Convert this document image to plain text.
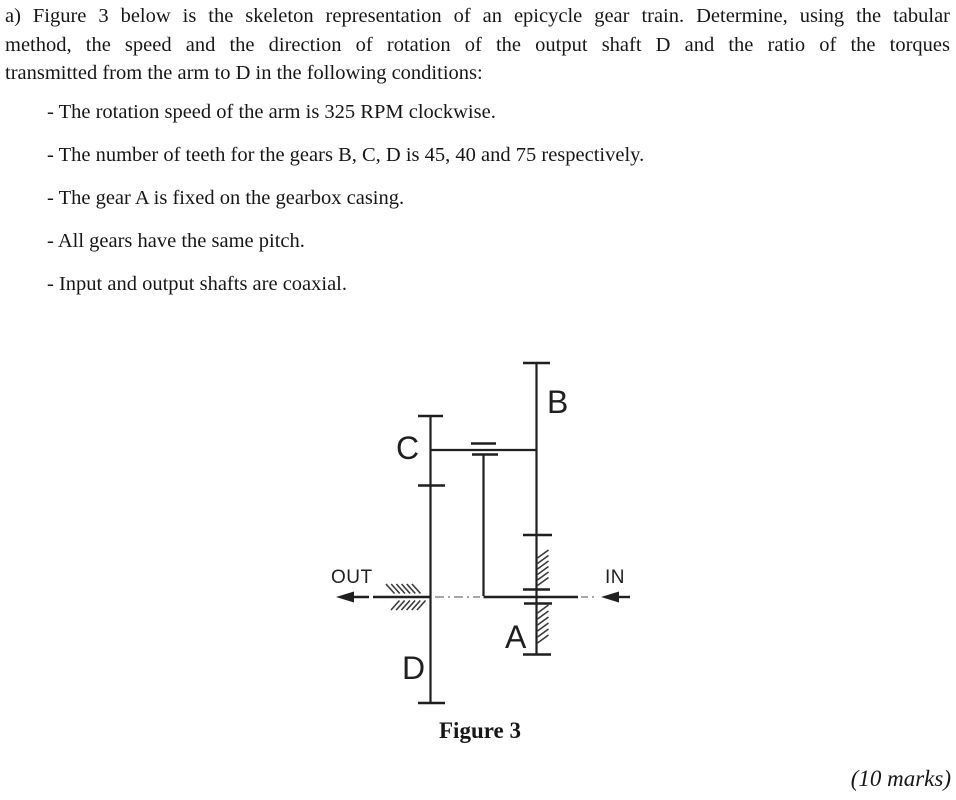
a) Figure 3 below is the skeleton representation of an epicycle gear train. Determine, using the tabular
method, the speed and the direction of rotation of the output shaft D and the ratio of the torques
transmitted from the arm to D in the following conditions:
- The rotation speed of the arm is 325 RPM clockwise.
- The number of teeth for the gears B, C, D is 45, 40 and 75 respectively.
- The gear A is fixed on the gearbox casing.
- All gears have the same pitch.
- Input and output shafts are coaxial.
B
C
A
D
OUT	IN
Figure 3
(10 marks)
